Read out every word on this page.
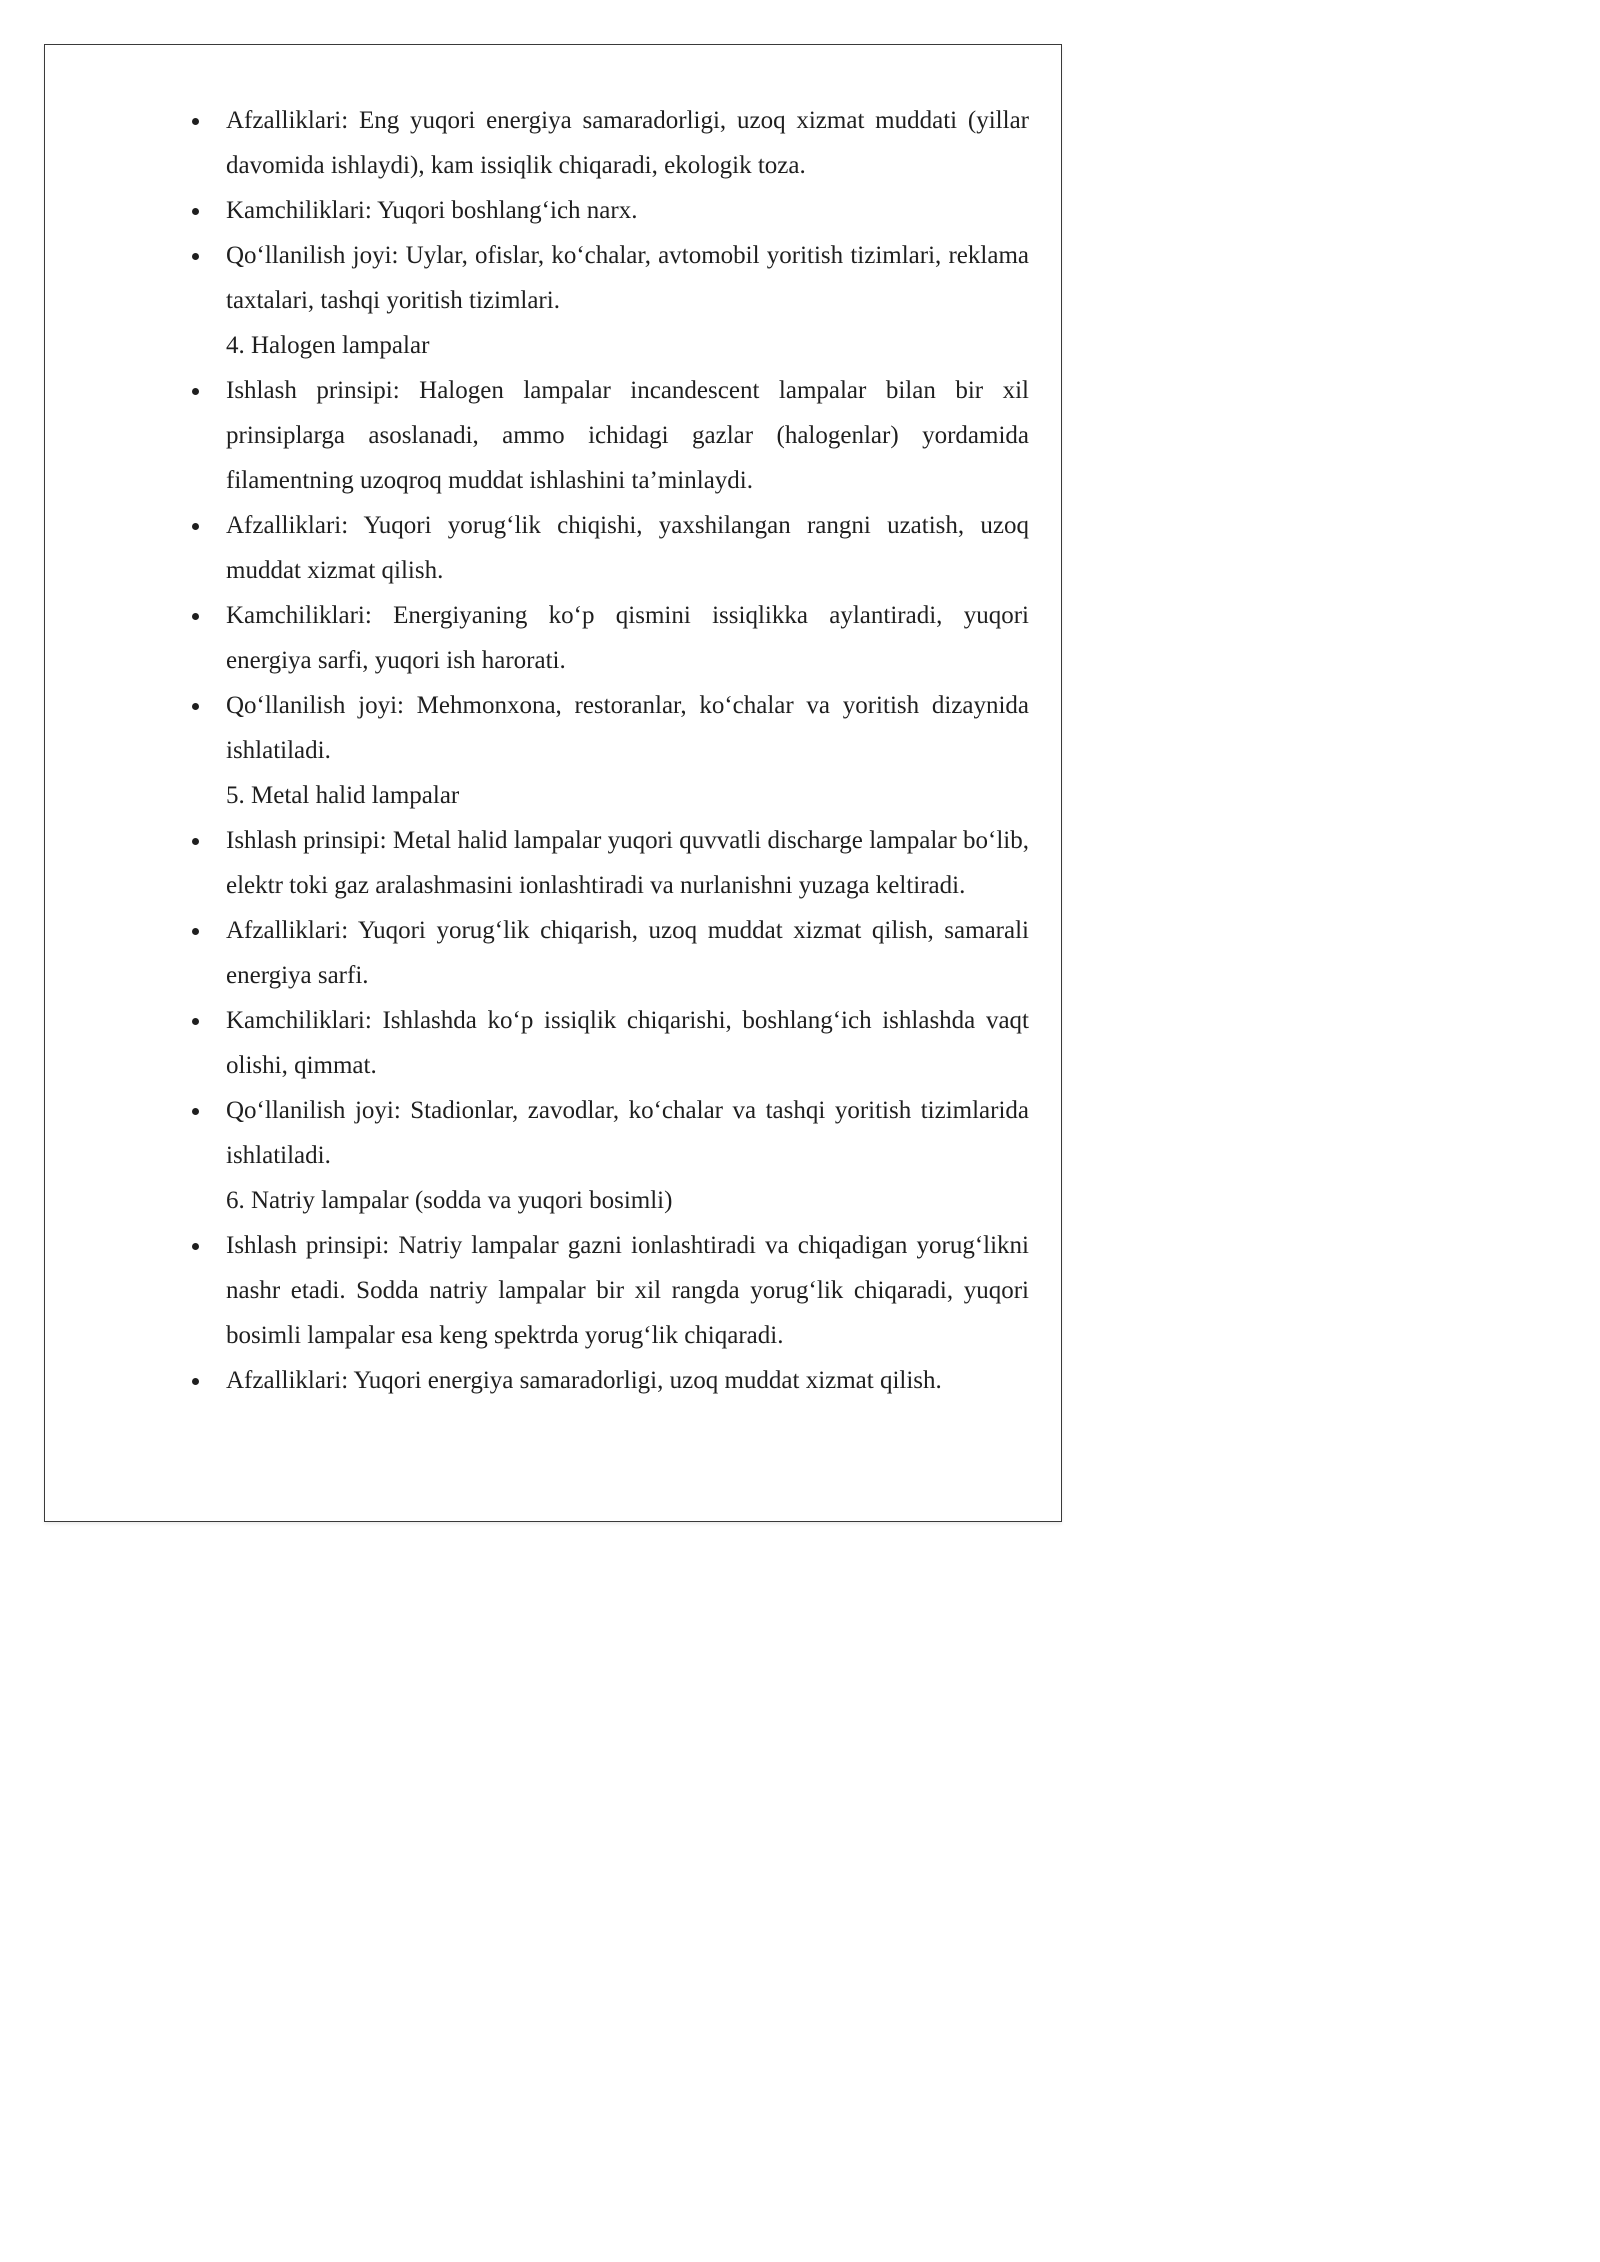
Afzalliklari: Eng yuqori energiya samaradorligi, uzoq xizmat muddati (yillar davomida ishlaydi), kam issiqlik chiqaradi, ekologik toza.
Kamchiliklari: Yuqori boshlang‘ich narx.
Qo‘llanilish joyi: Uylar, ofislar, ko‘chalar, avtomobil yoritish tizimlari, reklama taxtalari, tashqi yoritish tizimlari.
4. Halogen lampalar
Ishlash prinsipi: Halogen lampalar incandescent lampalar bilan bir xil prinsiplarga asoslanadi, ammo ichidagi gazlar (halogenlar) yordamida filamentning uzoqroq muddat ishlashini ta’minlaydi.
Afzalliklari: Yuqori yorug‘lik chiqishi, yaxshilangan rangni uzatish, uzoq muddat xizmat qilish.
Kamchiliklari: Energiyaning ko‘p qismini issiqlikka aylantiradi, yuqori energiya sarfi, yuqori ish harorati.
Qo‘llanilish joyi: Mehmonxona, restoranlar, ko‘chalar va yoritish dizaynida ishlatiladi.
5. Metal halid lampalar
Ishlash prinsipi: Metal halid lampalar yuqori quvvatli discharge lampalar bo‘lib, elektr toki gaz aralashmasini ionlashtiradi va nurlanishni yuzaga keltiradi.
Afzalliklari: Yuqori yorug‘lik chiqarish, uzoq muddat xizmat qilish, samarali energiya sarfi.
Kamchiliklari: Ishlashda ko‘p issiqlik chiqarishi, boshlang‘ich ishlashda vaqt olishi, qimmat.
Qo‘llanilish joyi: Stadionlar, zavodlar, ko‘chalar va tashqi yoritish tizimlarida ishlatiladi.
6. Natriy lampalar (sodda va yuqori bosimli)
Ishlash prinsipi: Natriy lampalar gazni ionlashtiradi va chiqadigan yorug‘likni nashr etadi. Sodda natriy lampalar bir xil rangda yorug‘lik chiqaradi, yuqori bosimli lampalar esa keng spektrda yorug‘lik chiqaradi.
Afzalliklari: Yuqori energiya samaradorligi, uzoq muddat xizmat qilish.
